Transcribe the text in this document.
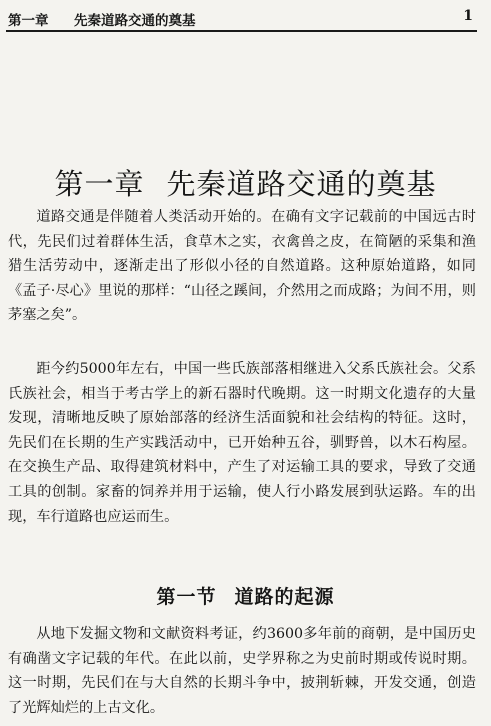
第一章 先秦道路交通的奠基	1
第一章 先秦道路交通的奠基

道路交通是伴随着人类活动开始的。在确有文字记载前的中国远古时代，先民们过着群体生活，食草木之实，衣禽兽之皮，在简陋的采集和渔猎生活劳动中，逐渐走出了形似小径的自然道路。这种原始道路，如同《孟子·尽心》里说的那样：“山径之蹊间，介然用之而成路；为间不用，则茅塞之矣”。

距今约5000年左右，中国一些氏族部落相继进入父系氏族社会。父系氏族社会，相当于考古学上的新石器时代晚期。这一时期文化遗存的大量发现，清晰地反映了原始部落的经济生活面貌和社会结构的特征。这时，先民们在长期的生产实践活动中，已开始种五谷，驯野兽，以木石构屋。在交换生产品、取得建筑材料中，产生了对运输工具的要求，导致了交通工具的创制。家畜的饲养并用于运输，使人行小路发展到驮运路。车的出现，车行道路也应运而生。

第一节 道路的起源

从地下发掘文物和文献资料考证，约3600多年前的商朝，是中国历史有确凿文字记载的年代。在此以前，史学界称之为史前时期或传说时期。这一时期，先民们在与大自然的长期斗争中，披荆斩棘，开发交通，创造了光辉灿烂的上古文化。
